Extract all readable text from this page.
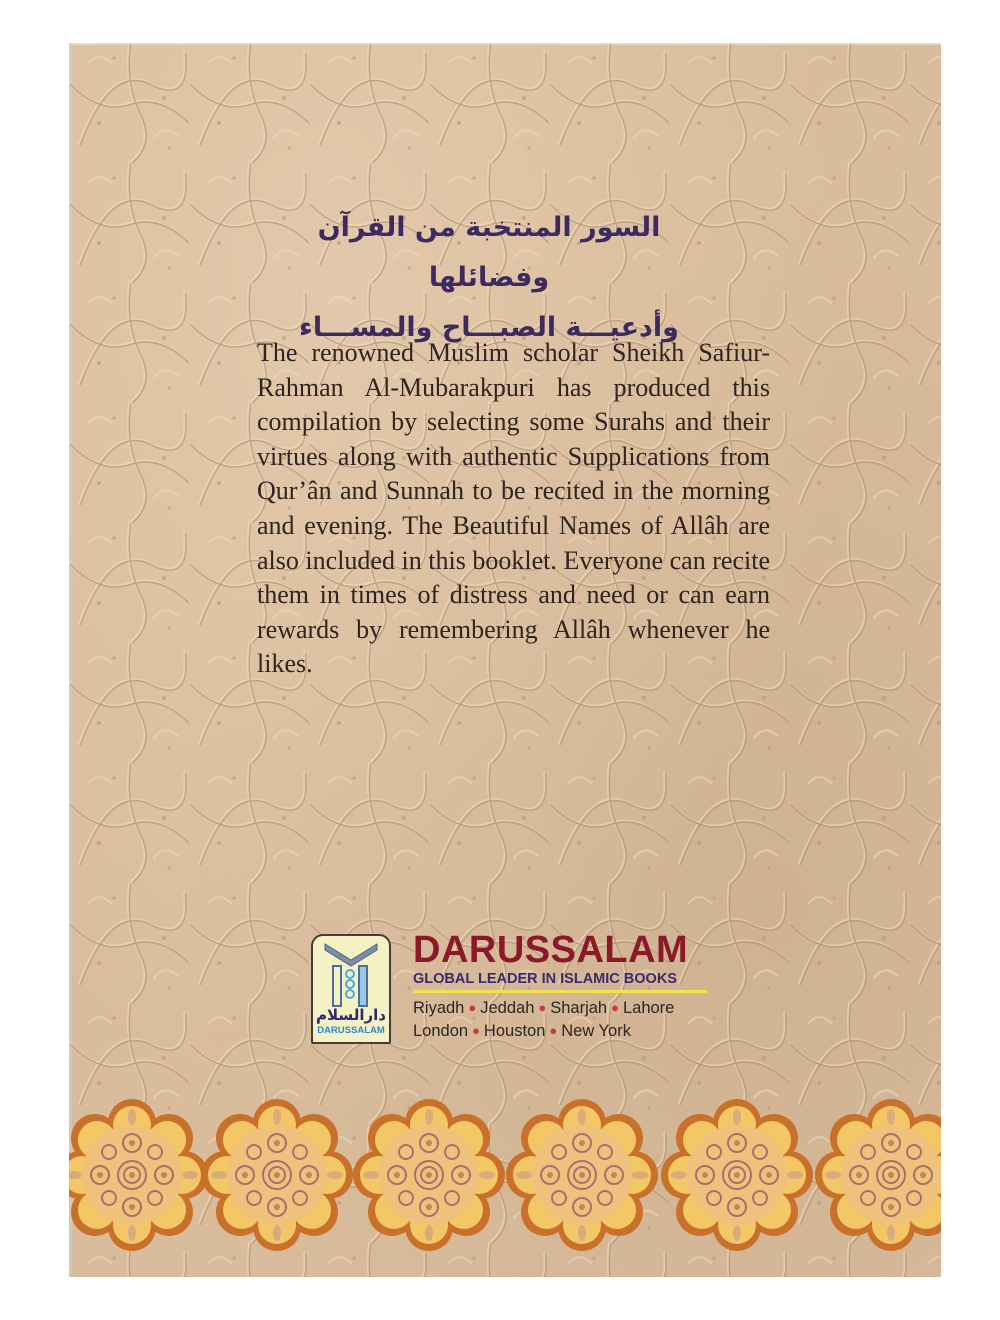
السور المنتخبة من القرآن وفضائلها
وأدعيـــة الصبـــاح والمســـاء
The renowned Muslim scholar Sheikh Safiur-Rahman Al-Mubarakpuri has produced this compilation by selecting some Surahs and their virtues along with authentic Supplications from Qur’ân and Sunnah to be recited in the morning and evening. The Beautiful Names of Allâh are also included in this booklet. Everyone can recite them in times of distress and need or can earn rewards by remembering Allâh whenever he likes.
دارالسلام
DARUSSALAM
DARUSSALAM
GLOBAL LEADER IN ISLAMIC BOOKS
Riyadh ● Jeddah ● Sharjah ● Lahore
London ● Houston ● New York
